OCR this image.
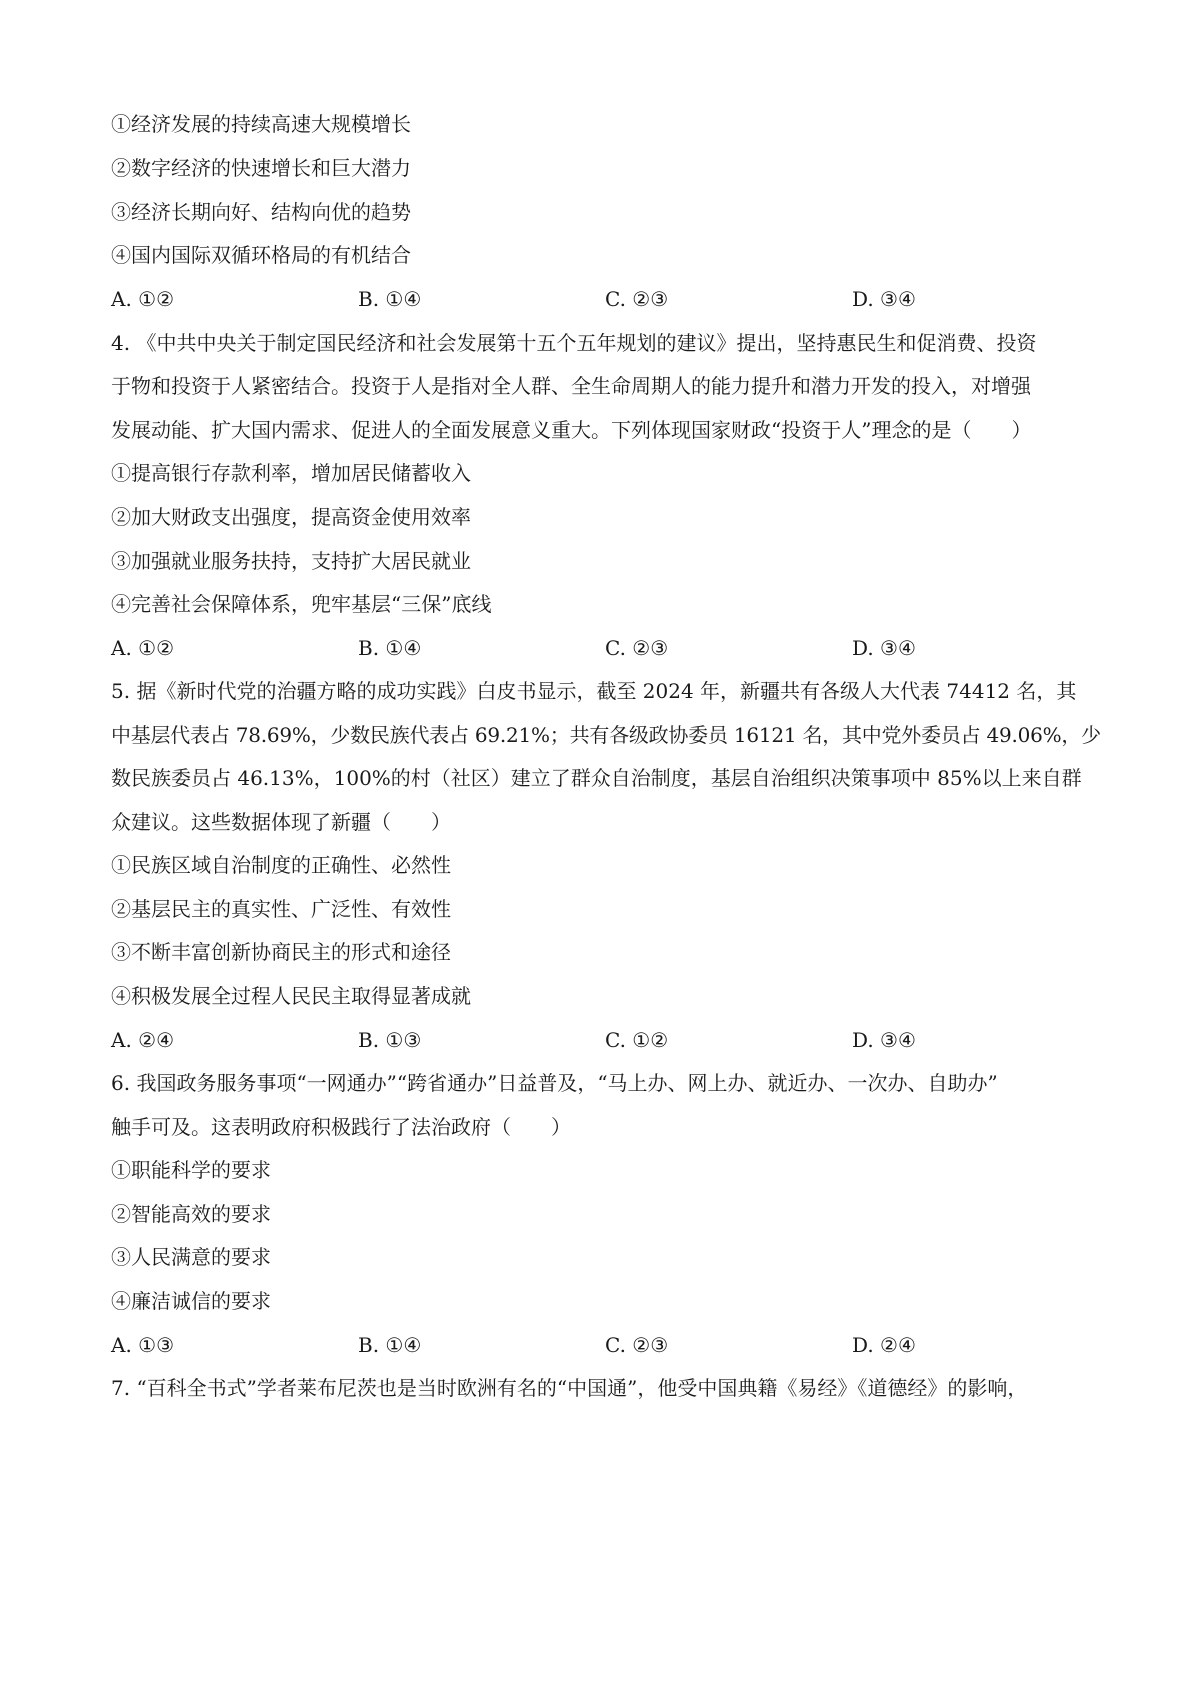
①经济发展的持续高速大规模增长
②数字经济的快速增长和巨大潜力
③经济长期向好、结构向优的趋势
④国内国际双循环格局的有机结合
A. ①②	B. ①④	C. ②③	D. ③④
4. 《中共中央关于制定国民经济和社会发展第十五个五年规划的建议》提出，坚持惠民生和促消费、投资
于物和投资于人紧密结合。投资于人是指对全人群、全生命周期人的能力提升和潜力开发的投入，对增强
发展动能、扩大国内需求、促进人的全面发展意义重大。下列体现国家财政“投资于人”理念的是（　　）
①提高银行存款利率，增加居民储蓄收入
②加大财政支出强度，提高资金使用效率
③加强就业服务扶持，支持扩大居民就业
④完善社会保障体系，兜牢基层“三保”底线
A. ①②	B. ①④	C. ②③	D. ③④
5. 据《新时代党的治疆方略的成功实践》白皮书显示，截至 2024 年，新疆共有各级人大代表 74412 名，其
中基层代表占 78.69%，少数民族代表占 69.21%；共有各级政协委员 16121 名，其中党外委员占 49.06%，少
数民族委员占 46.13%，100%的村（社区）建立了群众自治制度，基层自治组织决策事项中 85%以上来自群
众建议。这些数据体现了新疆（　　）
①民族区域自治制度的正确性、必然性
②基层民主的真实性、广泛性、有效性
③不断丰富创新协商民主的形式和途径
④积极发展全过程人民民主取得显著成就
A. ②④	B. ①③	C. ①②	D. ③④
6. 我国政务服务事项“一网通办”“跨省通办”日益普及，“马上办、网上办、就近办、一次办、自助办”
触手可及。这表明政府积极践行了法治政府（　　）
①职能科学的要求
②智能高效的要求
③人民满意的要求
④廉洁诚信的要求
A. ①③	B. ①④	C. ②③	D. ②④
7. “百科全书式”学者莱布尼茨也是当时欧洲有名的“中国通”，他受中国典籍《易经》《道德经》的影响，
